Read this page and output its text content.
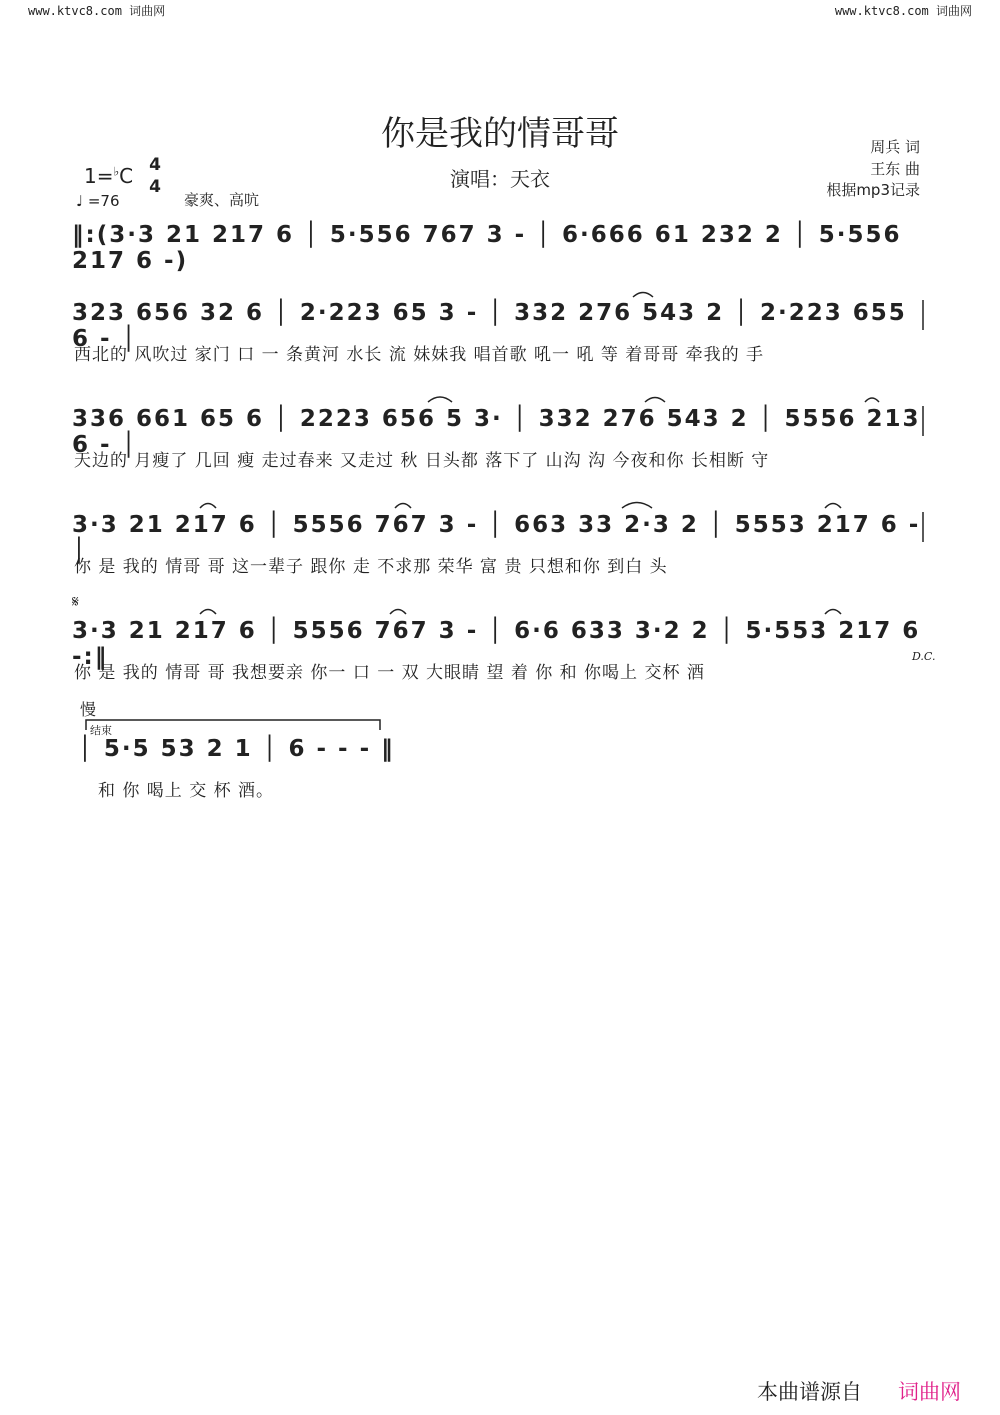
www.ktvc8.com 词曲网	www.ktvc8.com 词曲网
你是我的情哥哥	周兵 词
王东 曲
根据mp3记录
演唱：天衣
1=♭C 4
4
♩ =76	豪爽、高吭
‖:(3·3 21 217 6 │ 5·556 767 3 - │ 6·666 61 232 2 │ 5·556 217 6 -)
323 656 32 6 │ 2·223 65 3 - │ 332 276 543 2 │ 2·223 655 6 - │
西北的 风吹过 家门 口 一 条黄河 水长 流 妹妹我 唱首歌 吼一 吼 等 着哥哥 牵我的 手
336 661 65 6 │ 2223 656 5 3· │ 332 276 543 2 │ 5556 213 6 - │
天边的 月瘦了 几回 瘦 走过春来 又走过 秋 日头都 落下了 山沟 沟 今夜和你 长相断 守
3·3 21 217 6 │ 5556 767 3 - │ 663 33 2·3 2 │ 5553 217 6 - │
你 是 我的 情哥 哥 这一辈子 跟你 走 不求那 荣华 富 贵 只想和你 到白 头
𝄋
3·3 21 217 6 │ 5556 767 3 - │ 6·6 633 3·2 2 │ 5·553 217 6 -:‖
你 是 我的 情哥 哥 我想要亲 你一 口 一 双 大眼睛 望 着 你 和 你喝上 交杯 酒
D.C.
慢
结束
│ 5·5 53 2 1 │ 6 - - - ‖
和 你 喝上 交 杯 酒。
本曲谱源自 词曲网
